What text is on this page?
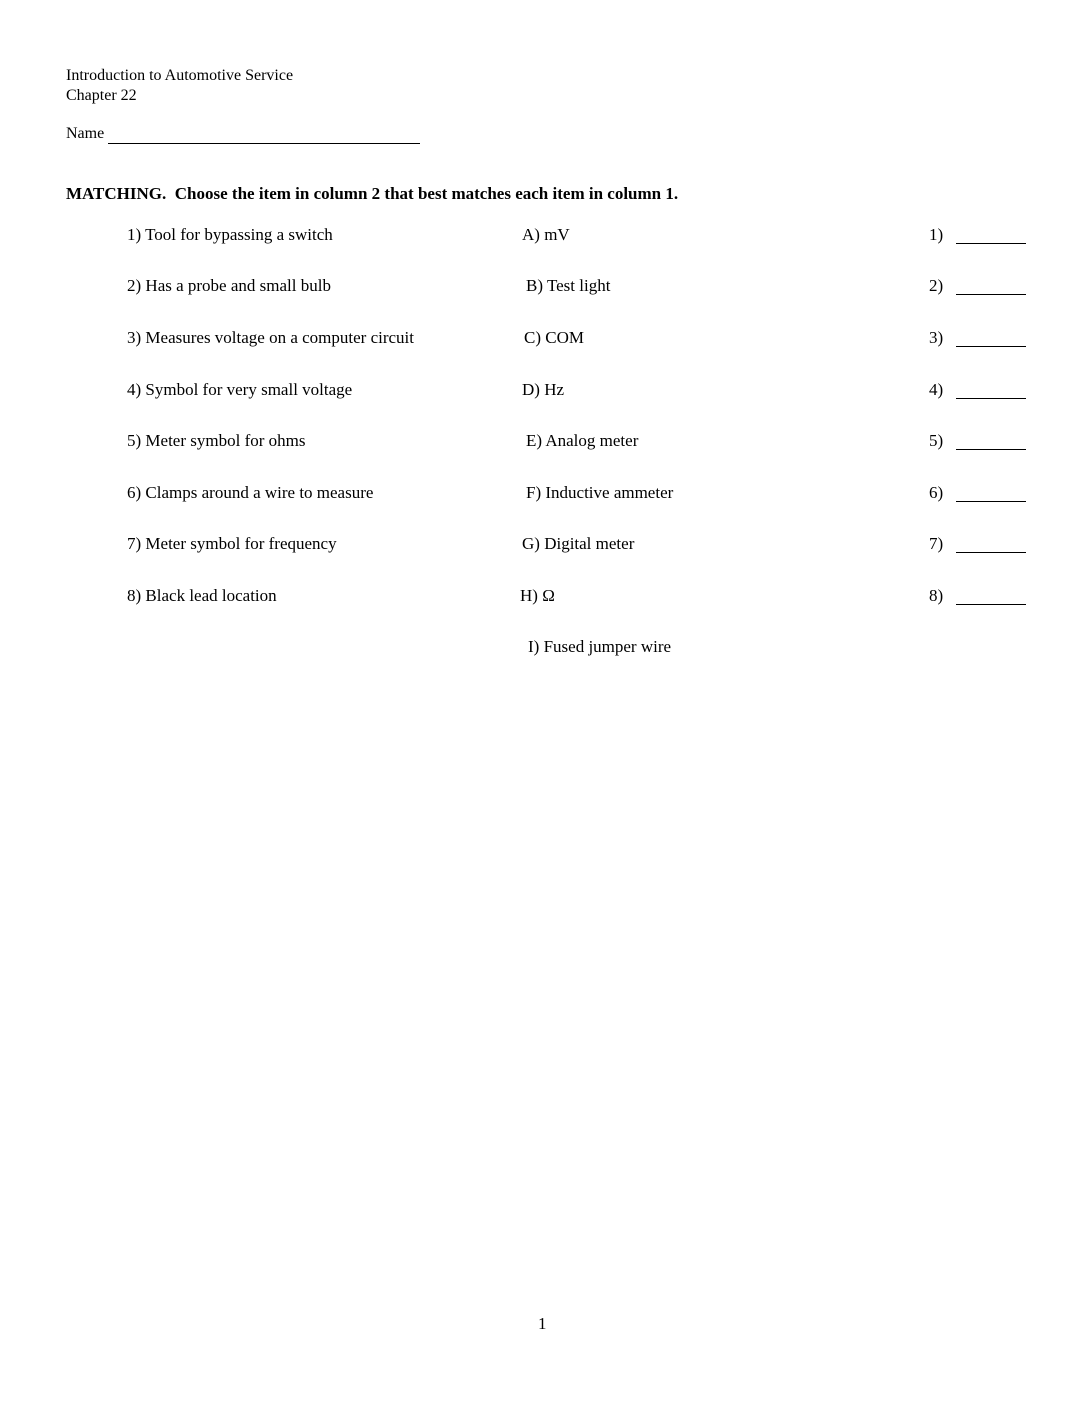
Introduction to Automotive Service
Chapter 22
Name
MATCHING.  Choose the item in column 2 that best matches each item in column 1.
1) Tool for bypassing a switch	A) mV	1)
2) Has a probe and small bulb	B) Test light	2)
3) Measures voltage on a computer circuit	C) COM	3)
4) Symbol for very small voltage	D) Hz	4)
5) Meter symbol for ohms	E) Analog meter	5)
6) Clamps around a wire to measure	F) Inductive ammeter	6)
7) Meter symbol for frequency	G) Digital meter	7)
8) Black lead location	H) Ω	8)
I) Fused jumper wire
1
